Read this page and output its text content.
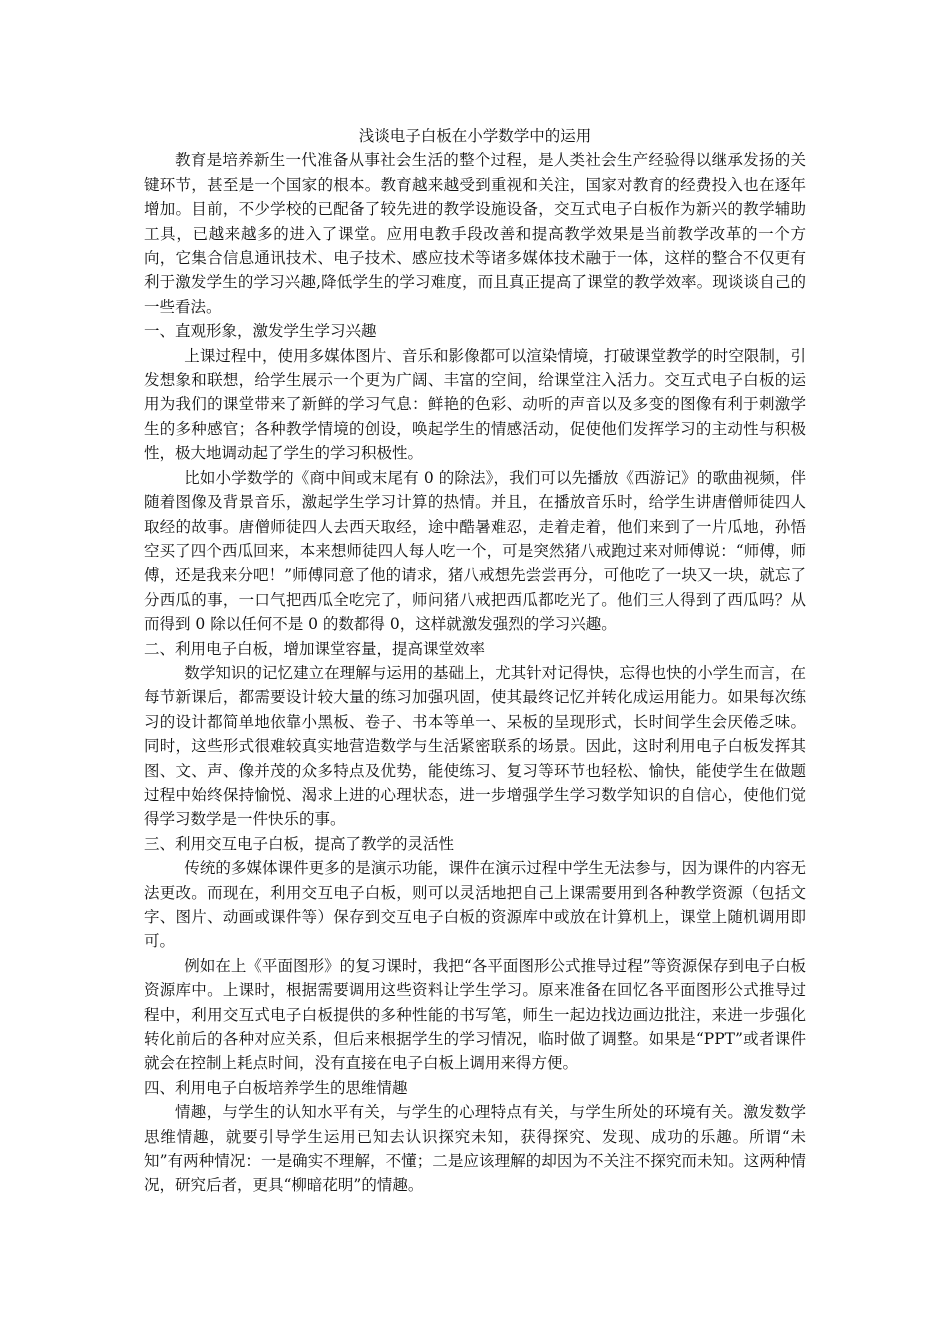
浅谈电子白板在小学数学中的运用

教育是培养新生一代准备从事社会生活的整个过程，是人类社会生产经验得以继承发扬的关键环节，甚至是一个国家的根本。教育越来越受到重视和关注，国家对教育的经费投入也在逐年增加。目前，不少学校的已配备了较先进的教学设施设备，交互式电子白板作为新兴的教学辅助工具，已越来越多的进入了课堂。应用电教手段改善和提高教学效果是当前教学改革的一个方向，它集合信息通讯技术、电子技术、感应技术等诸多媒体技术融于一体，这样的整合不仅更有利于激发学生的学习兴趣,降低学生的学习难度，而且真正提高了课堂的教学效率。现谈谈自己的一些看法。

一、直观形象，激发学生学习兴趣

上课过程中，使用多媒体图片、音乐和影像都可以渲染情境，打破课堂教学的时空限制，引发想象和联想，给学生展示一个更为广阔、丰富的空间，给课堂注入活力。交互式电子白板的运用为我们的课堂带来了新鲜的学习气息：鲜艳的色彩、动听的声音以及多变的图像有利于刺激学生的多种感官；各种教学情境的创设，唤起学生的情感活动，促使他们发挥学习的主动性与积极性，极大地调动起了学生的学习积极性。

比如小学数学的《商中间或末尾有 0 的除法》，我们可以先播放《西游记》的歌曲视频，伴随着图像及背景音乐，激起学生学习计算的热情。并且，在播放音乐时，给学生讲唐僧师徒四人取经的故事。唐僧师徒四人去西天取经，途中酷暑难忍，走着走着，他们来到了一片瓜地，孙悟空买了四个西瓜回来，本来想师徒四人每人吃一个，可是突然猪八戒跑过来对师傅说：“师傅，师傅，还是我来分吧！”师傅同意了他的请求，猪八戒想先尝尝再分，可他吃了一块又一块，就忘了分西瓜的事，一口气把西瓜全吃完了，师问猪八戒把西瓜都吃光了。他们三人得到了西瓜吗？从而得到 0 除以任何不是 0 的数都得 0，这样就激发强烈的学习兴趣。

二、利用电子白板，增加课堂容量，提高课堂效率

数学知识的记忆建立在理解与运用的基础上，尤其针对记得快，忘得也快的小学生而言，在每节新课后，都需要设计较大量的练习加强巩固，使其最终记忆并转化成运用能力。如果每次练习的设计都简单地依靠小黑板、卷子、书本等单一、呆板的呈现形式，长时间学生会厌倦乏味。同时，这些形式很难较真实地营造数学与生活紧密联系的场景。因此，这时利用电子白板发挥其图、文、声、像并茂的众多特点及优势，能使练习、复习等环节也轻松、愉快，能使学生在做题过程中始终保持愉悦、渴求上进的心理状态，进一步增强学生学习数学知识的自信心，使他们觉得学习数学是一件快乐的事。

三、利用交互电子白板，提高了教学的灵活性

传统的多媒体课件更多的是演示功能，课件在演示过程中学生无法参与，因为课件的内容无法更改。而现在，利用交互电子白板，则可以灵活地把自己上课需要用到各种教学资源（包括文字、图片、动画或课件等）保存到交互电子白板的资源库中或放在计算机上，课堂上随机调用即可。

例如在上《平面图形》的复习课时，我把“各平面图形公式推导过程”等资源保存到电子白板资源库中。上课时，根据需要调用这些资料让学生学习。原来准备在回忆各平面图形公式推导过程中，利用交互式电子白板提供的多种性能的书写笔，师生一起边找边画边批注，来进一步强化转化前后的各种对应关系，但后来根据学生的学习情况，临时做了调整。如果是“PPT”或者课件就会在控制上耗点时间，没有直接在电子白板上调用来得方便。

四、利用电子白板培养学生的思维情趣

情趣，与学生的认知水平有关，与学生的心理特点有关，与学生所处的环境有关。激发数学思维情趣，就要引导学生运用已知去认识探究未知，获得探究、发现、成功的乐趣。所谓“未知”有两种情况：一是确实不理解，不懂；二是应该理解的却因为不关注不探究而未知。这两种情况，研究后者，更具“柳暗花明”的情趣。
